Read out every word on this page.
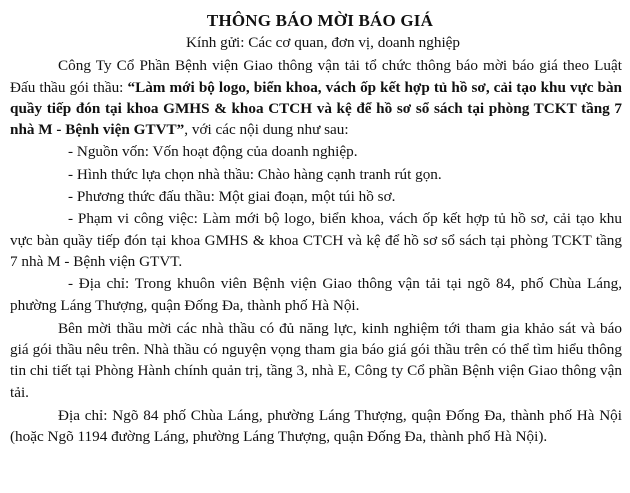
THÔNG BÁO MỜI BÁO GIÁ
Kính gửi: Các cơ quan, đơn vị, doanh nghiệp

Công Ty Cổ Phần Bệnh viện Giao thông vận tải tổ chức thông báo mời báo giá theo Luật Đấu thầu gói thầu: “Làm mới bộ logo, biển khoa, vách ốp kết hợp tủ hồ sơ, cải tạo khu vực bàn quầy tiếp đón tại khoa GMHS & khoa CTCH và kệ để hồ sơ sổ sách tại phòng TCKT tầng 7 nhà M - Bệnh viện GTVT”, với các nội dung như sau:

- Nguồn vốn: Vốn hoạt động của doanh nghiệp.

- Hình thức lựa chọn nhà thầu: Chào hàng cạnh tranh rút gọn.

- Phương thức đấu thầu: Một giai đoạn, một túi hồ sơ.

- Phạm vi công việc: Làm mới bộ logo, biển khoa, vách ốp kết hợp tủ hồ sơ, cải tạo khu vực bàn quầy tiếp đón tại khoa GMHS & khoa CTCH và kệ để hồ sơ sổ sách tại phòng TCKT tầng 7 nhà M - Bệnh viện GTVT.

- Địa chỉ: Trong khuôn viên Bệnh viện Giao thông vận tải tại ngõ 84, phố Chùa Láng, phường Láng Thượng, quận Đống Đa, thành phố Hà Nội.

Bên mời thầu mời các nhà thầu có đủ năng lực, kinh nghiệm tới tham gia khảo sát và báo giá gói thầu nêu trên. Nhà thầu có nguyện vọng tham gia báo giá gói thầu trên có thể tìm hiểu thông tin chi tiết tại Phòng Hành chính quản trị, tầng 3, nhà E, Công ty Cổ phần Bệnh viện Giao thông vận tải.

Địa chỉ: Ngõ 84 phố Chùa Láng, phường Láng Thượng, quận Đống Đa, thành phố Hà Nội (hoặc Ngõ 1194 đường Láng, phường Láng Thượng, quận Đống Đa, thành phố Hà Nội).
